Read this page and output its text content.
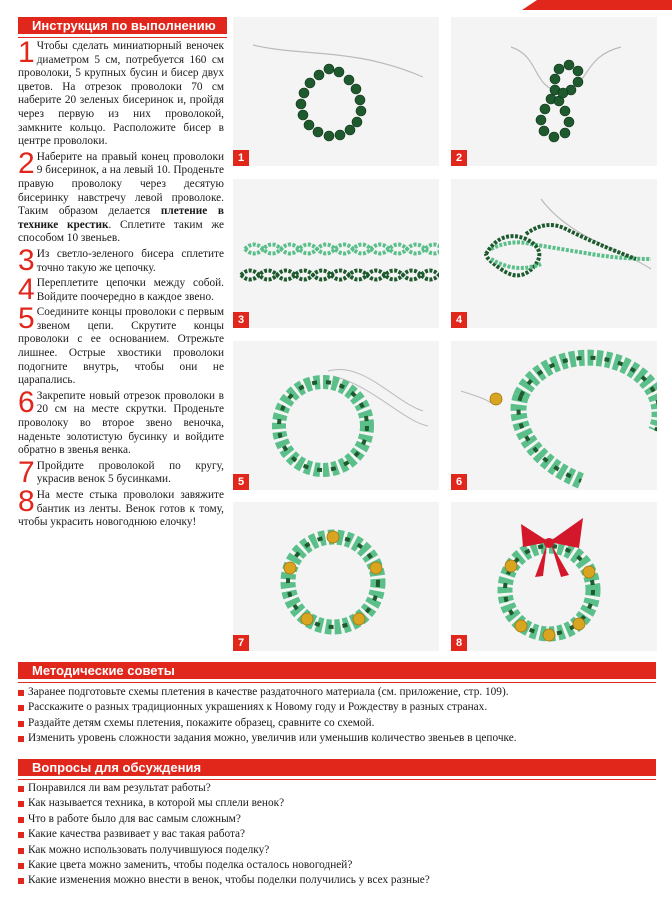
Инструкция по выполнению
1 Чтобы сделать миниатюрный веночек диаметром 5 см, потребуется 160 см проволоки, 5 крупных бусин и бисер двух цветов. На отрезок проволоки 70 см наберите 20 зеленых бисеринок и, пройдя через первую из них проволокой, замкните кольцо. Расположите бисер в центре проволоки.
2 Наберите на правый конец проволоки 9 бисеринок, а на левый 10. Проденьте правую проволоку через десятую бисеринку навстречу левой проволоке. Таким образом делается плетение в технике крестик. Сплетите таким же способом 10 звеньев.
3 Из светло-зеленого бисера сплетите точно такую же цепочку.
4 Переплетите цепочки между собой. Войдите поочередно в каждое звено.
5 Соедините концы проволоки с первым звеном цепи. Скрутите концы проволоки с ее основанием. Отрежьте лишнее. Острые хвостики проволоки подогните внутрь, чтобы они не царапались.
6 Закрепите новый отрезок проволоки в 20 см на месте скрутки. Проденьте проволоку во второе звено веночка, наденьте золотистую бусинку и войдите обратно в звенья венка.
7 Пройдите проволокой по кругу, украсив венок 5 бусинками.
8 На месте стыка проволоки завяжите бантик из ленты. Венок готов к тому, чтобы украсить новогоднюю елочку!
1	2
3	4
5	6
7	8
Методические советы
Заранее подготовьте схемы плетения в качестве раздаточного материала (см. приложение, стр. 109).
Расскажите о разных традиционных украшениях к Новому году и Рождеству в разных странах.
Раздайте детям схемы плетения, покажите образец, сравните со схемой.
Изменить уровень сложности задания можно, увеличив или уменьшив количество звеньев в цепочке.
Вопросы для обсуждения
Понравился ли вам результат работы?
Как называется техника, в которой мы сплели венок?
Что в работе было для вас самым сложным?
Какие качества развивает у вас такая работа?
Как можно использовать получившуюся поделку?
Какие цвета можно заменить, чтобы поделка осталось новогодней?
Какие изменения можно внести в венок, чтобы поделки получились у всех разные?
